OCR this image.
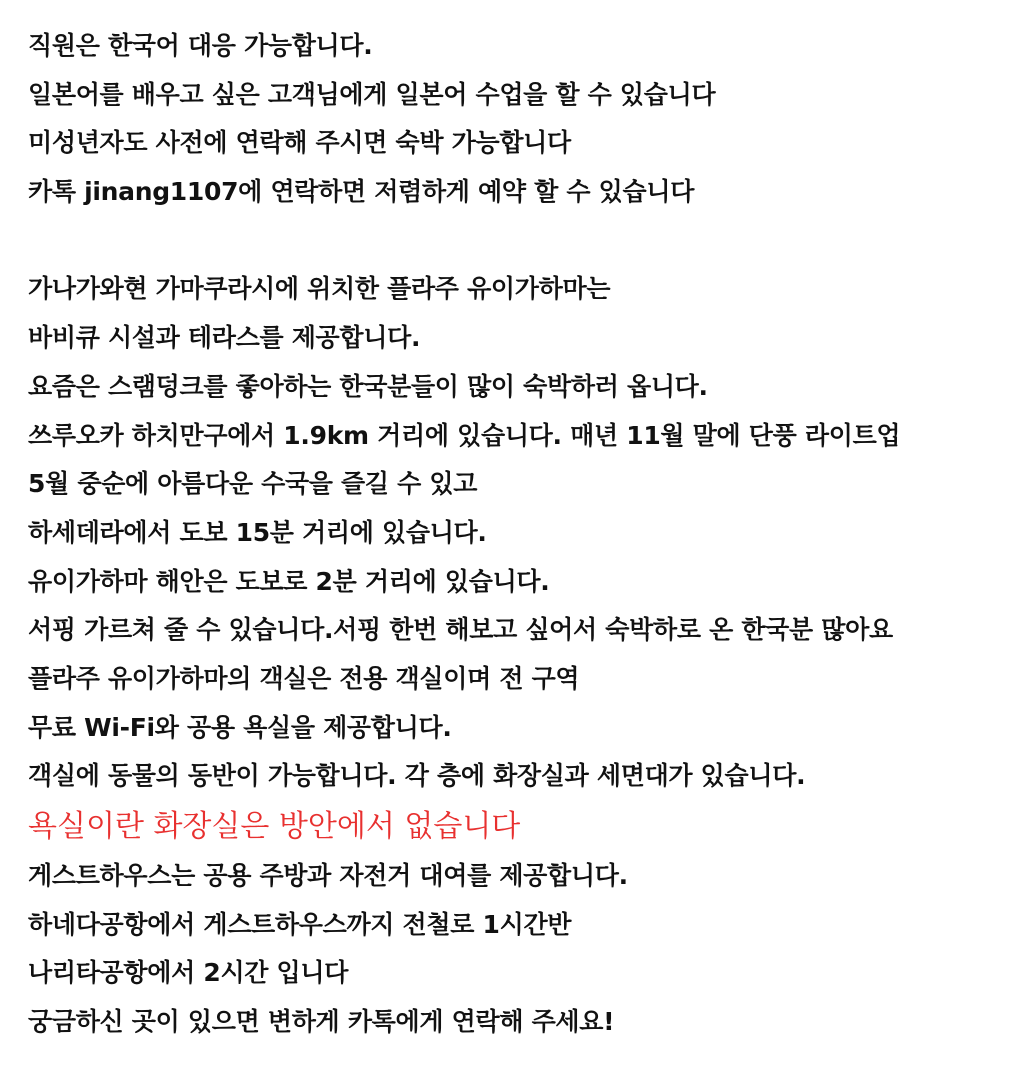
직원은 한국어 대응 가능합니다.
일본어를 배우고 싶은 고객님에게 일본어 수업을 할 수 있습니다
미성년자도 사전에 연락해 주시면 숙박 가능합니다
카톡 jinang1107에 연락하면 저렴하게 예약 할 수 있습니다
가나가와현 가마쿠라시에 위치한 플라주 유이가하마는
바비큐 시설과 테라스를 제공합니다.
요즘은 스램덩크를 좋아하는 한국분들이 많이 숙박하러 옵니다.
쓰루오카 하치만구에서 1.9km 거리에 있습니다. 매년 11월 말에 단풍 라이트업
5월 중순에 아름다운 수국을 즐길 수 있고
하세데라에서 도보 15분 거리에 있습니다.
유이가하마 해안은 도보로 2분 거리에 있습니다.
서핑 가르쳐 줄 수 있습니다.서핑 한번 해보고 싶어서 숙박하로 온 한국분 많아요
플라주 유이가하마의 객실은 전용 객실이며 전 구역
무료 Wi-Fi와 공용 욕실을 제공합니다.
객실에 동물의 동반이 가능합니다. 각 층에 화장실과 세면대가 있습니다.
욕실이란 화장실은 방안에서 없습니다
게스트하우스는 공용 주방과 자전거 대여를 제공합니다.
하네다공항에서 게스트하우스까지 전철로 1시간반
나리타공항에서 2시간 입니다
궁금하신 곳이 있으면 변하게 카톡에게 연락해 주세요!
